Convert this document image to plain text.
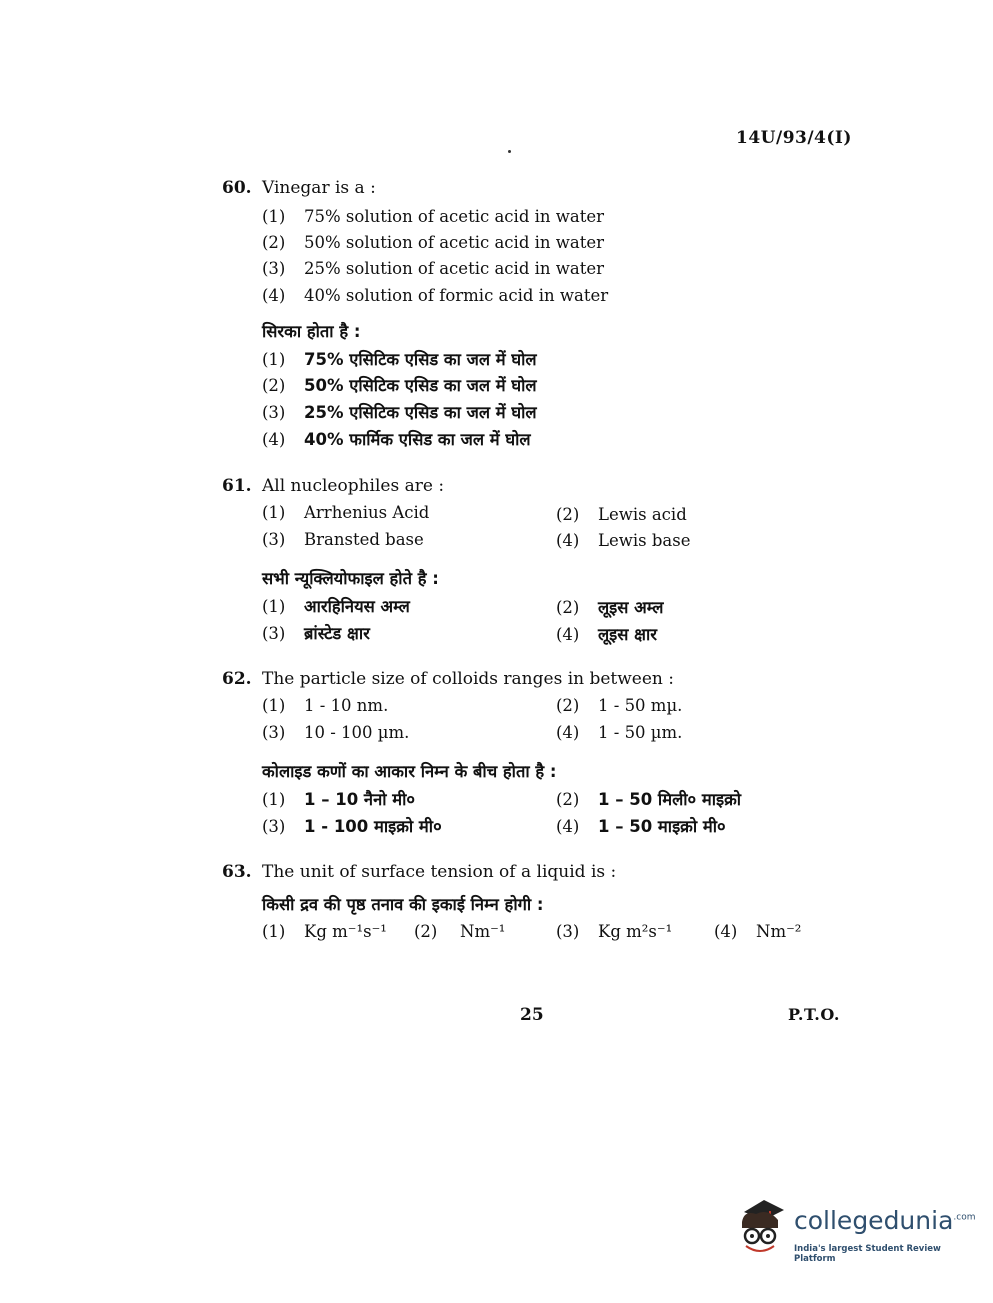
14U/93/4(I)
60. Vinegar is a :
(1) 75% solution of acetic acid in water
(2) 50% solution of acetic acid in water
(3) 25% solution of acetic acid in water
(4) 40% solution of formic acid in water
सिरका होता है :
(1) 75% एसिटिक एसिड का जल में घोल
(2) 50% एसिटिक एसिड का जल में घोल
(3) 25% एसिटिक एसिड का जल में घोल
(4) 40% फार्मिक एसिड का जल में घोल
61. All nucleophiles are :
(1) Arrhenius Acid	(2) Lewis acid
(3) Bransted base	(4) Lewis base
सभी न्यूक्लियोफाइल होते है :
(1) आरहिनियस अम्ल	(2) लूइस अम्ल
(3) ब्रांस्टेड क्षार	(4) लूइस क्षार
62. The particle size of colloids ranges in between :
(1) 1 - 10 nm.	(2) 1 - 50 mµ.
(3) 10 - 100 µm.	(4) 1 - 50 µm.
कोलाइड कणों का आकार निम्न के बीच होता है :
(1) 1 – 10 नैनो मी०	(2) 1 – 50 मिली० माइक्रो
(3) 1 - 100 माइक्रो मी०	(4) 1 – 50 माइक्रो मी०
63. The unit of surface tension of a liquid is :
किसी द्रव की पृष्ठ तनाव की इकाई निम्न होगी :
(1) Kg m⁻¹s⁻¹ (2) Nm⁻¹	(3) Kg m²s⁻¹	(4) Nm⁻²
25	P.T.O.
collegedunia$^{.com}$
India's largest Student Review Platform
